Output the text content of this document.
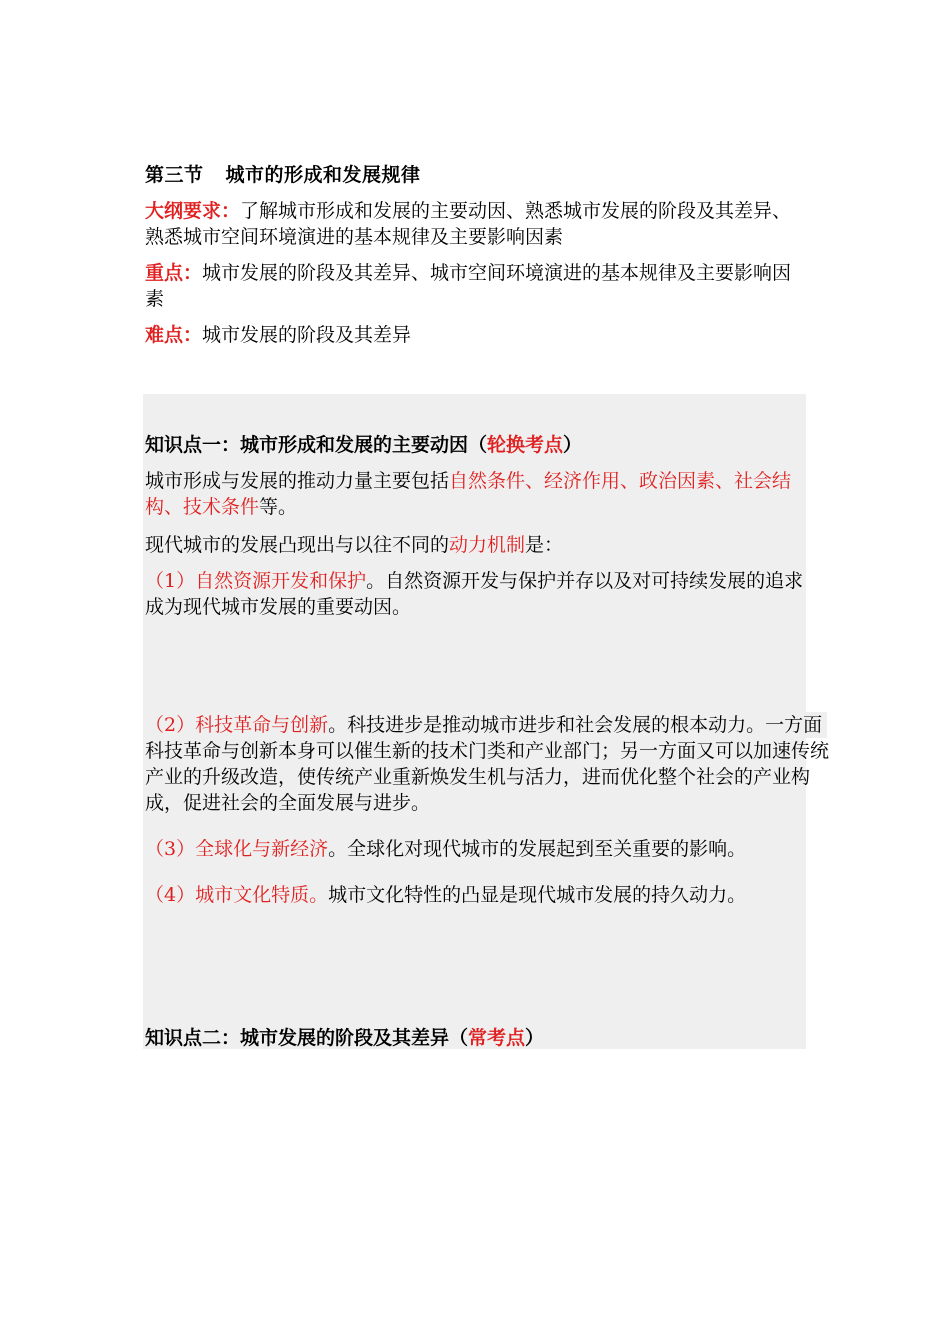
第三节 城市的形成和发展规律
大纲要求：了解城市形成和发展的主要动因、熟悉城市发展的阶段及其差异、熟悉城市空间环境演进的基本规律及主要影响因素
重点：城市发展的阶段及其差异、城市空间环境演进的基本规律及主要影响因素
难点：城市发展的阶段及其差异
知识点一：城市形成和发展的主要动因（轮换考点）
城市形成与发展的推动力量主要包括自然条件、经济作用、政治因素、社会结构、技术条件等。
现代城市的发展凸现出与以往不同的动力机制是：
（1）自然资源开发和保护。自然资源开发与保护并存以及对可持续发展的追求成为现代城市发展的重要动因。
（2）科技革命与创新。科技进步是推动城市进步和社会发展的根本动力。一方面科技革命与创新本身可以催生新的技术门类和产业部门；另一方面又可以加速传统产业的升级改造，使传统产业重新焕发生机与活力，进而优化整个社会的产业构成，促进社会的全面发展与进步。
（3）全球化与新经济。全球化对现代城市的发展起到至关重要的影响。
（4）城市文化特质。城市文化特性的凸显是现代城市发展的持久动力。
知识点二：城市发展的阶段及其差异（常考点）
